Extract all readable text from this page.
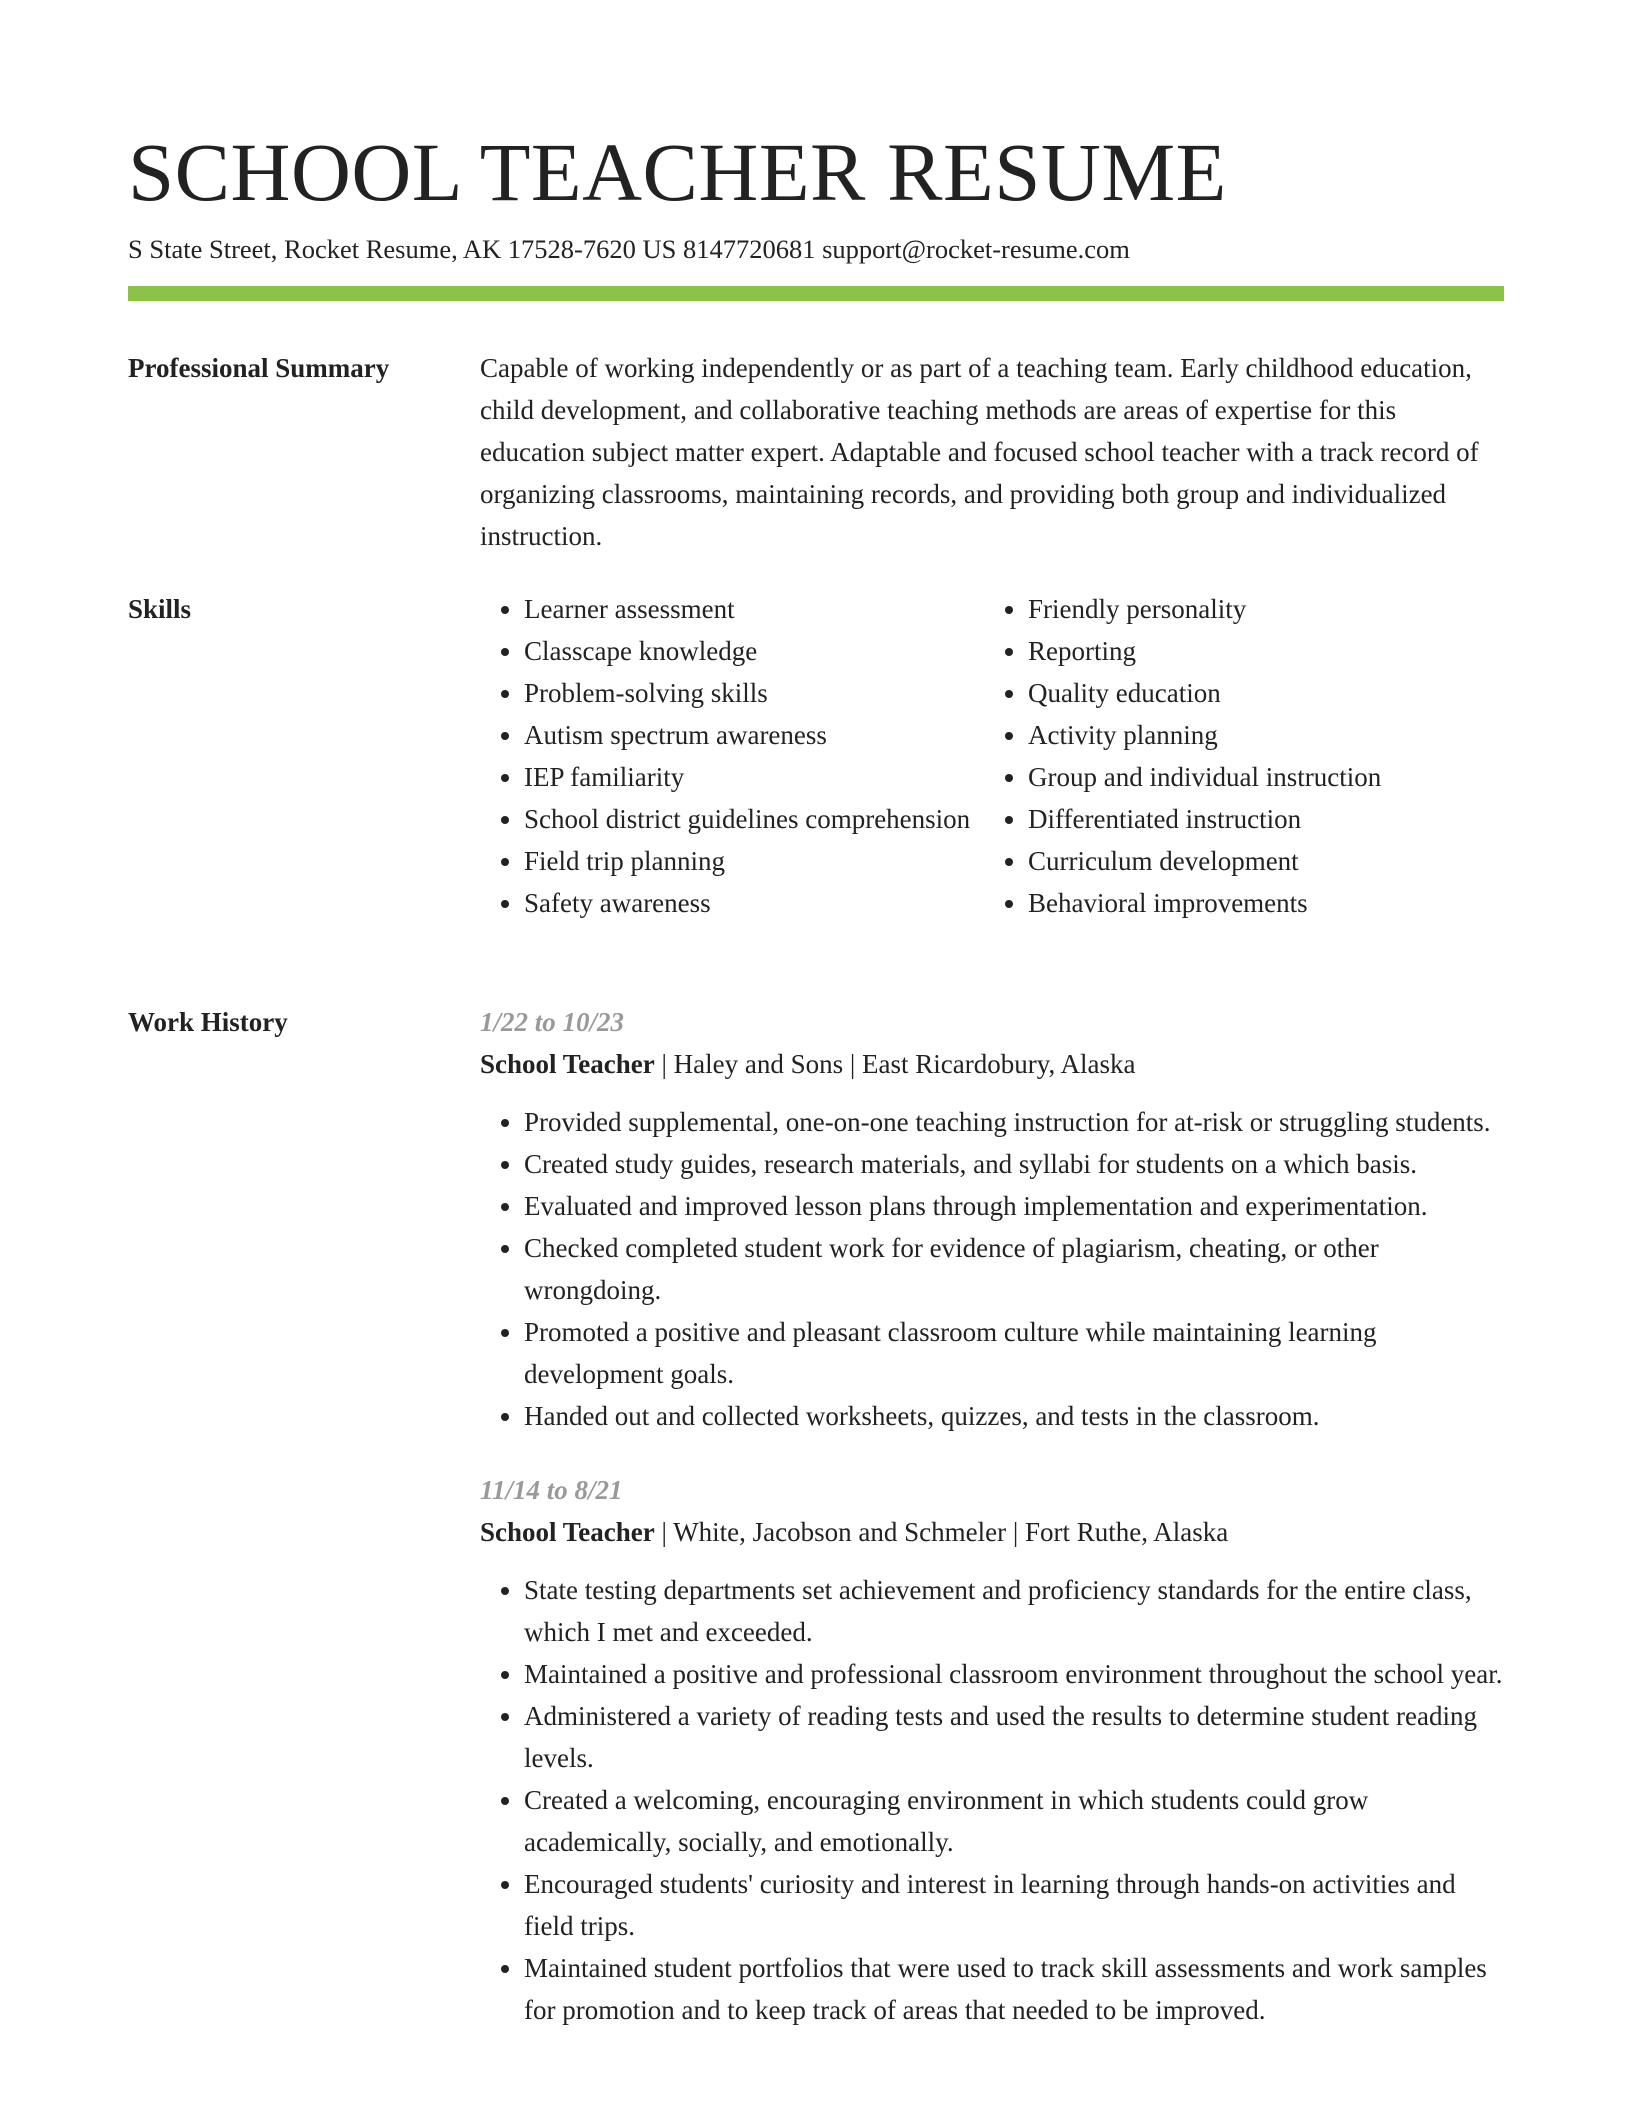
SCHOOL TEACHER RESUME
S State Street, Rocket Resume, AK 17528-7620 US 8147720681 support@rocket-resume.com
Professional Summary	Capable of working independently or as part of a teaching team. Early childhood education, child development, and collaborative teaching methods are areas of expertise for this education subject matter expert. Adaptable and focused school teacher with a track record of organizing classrooms, maintaining records, and providing both group and individualized instruction.

Skills
•	Learner assessment
• Classcape knowledge
• Problem-solving skills
• Autism spectrum awareness
• IEP familiarity
• School district guidelines comprehension
• Field trip planning
• Safety awareness
• Friendly personality
• Reporting
• Quality education
• Activity planning
• Group and individual instruction
• Differentiated instruction
• Curriculum development
• Behavioral improvements
Work History	1/22 to 10/23

School Teacher | Haley and Sons | East Ricardobury, Alaska

• Provided supplemental, one-on-one teaching instruction for at-risk or struggling students.
• Created study guides, research materials, and syllabi for students on a which basis.
• Evaluated and improved lesson plans through implementation and experimentation.
• Checked completed student work for evidence of plagiarism, cheating, or other wrongdoing.
• Promoted a positive and pleasant classroom culture while maintaining learning development goals.
• Handed out and collected worksheets, quizzes, and tests in the classroom.

11/14 to 8/21

School Teacher | White, Jacobson and Schmeler | Fort Ruthe, Alaska

• State testing departments set achievement and proficiency standards for the entire class, which I met and exceeded.
• Maintained a positive and professional classroom environment throughout the school year.
• Administered a variety of reading tests and used the results to determine student reading levels.
• Created a welcoming, encouraging environment in which students could grow academically, socially, and emotionally.
• Encouraged students' curiosity and interest in learning through hands-on activities and field trips.
• Maintained student portfolios that were used to track skill assessments and work samples for promotion and to keep track of areas that needed to be improved.
